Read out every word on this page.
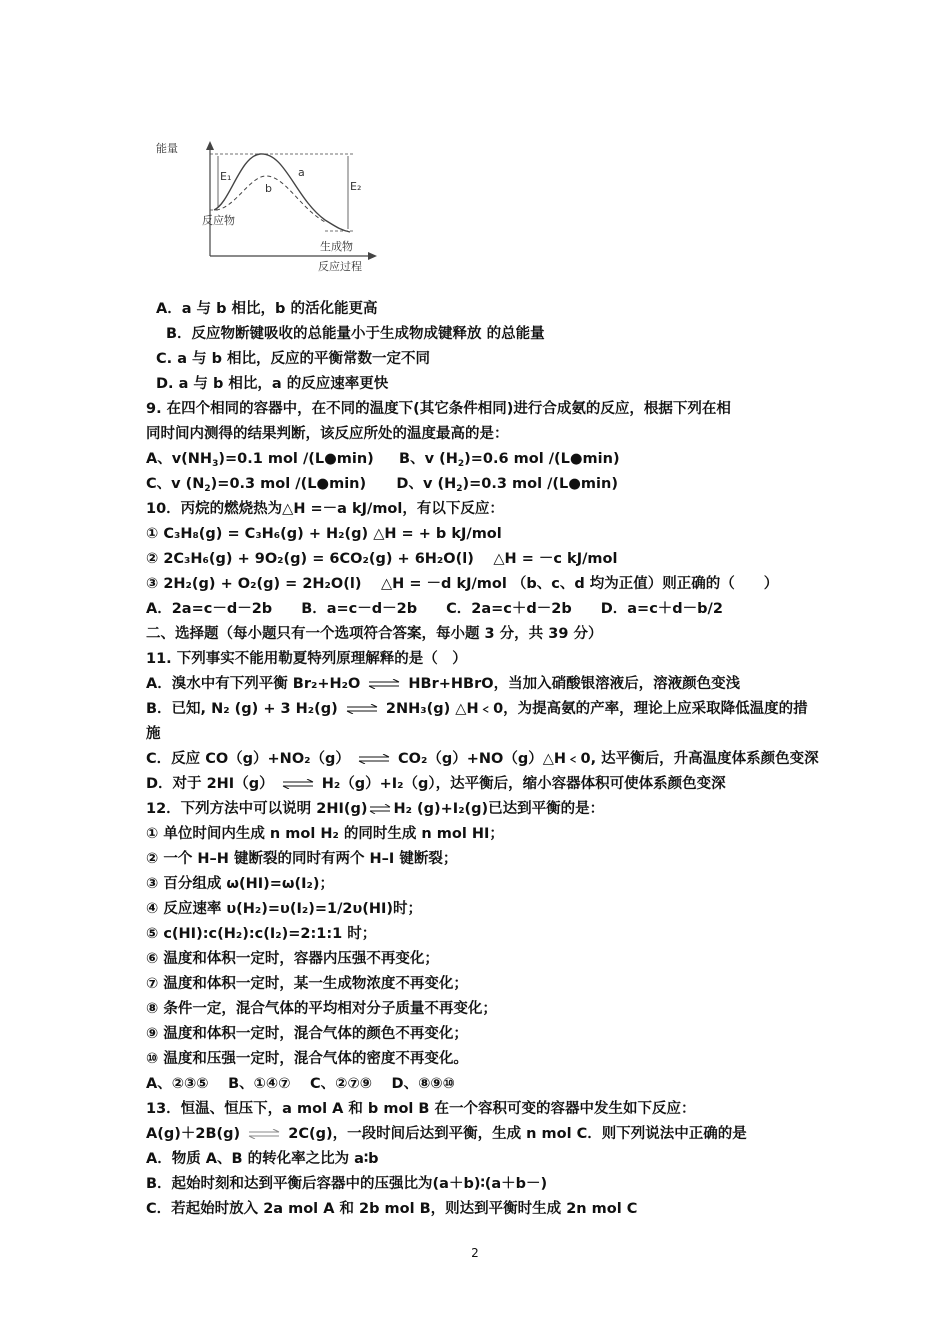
能量
E₁
E₂
a
b
反应物
生成物
反应过程
A．a 与 b 相比，b 的活化能更高
B．反应物断键吸收的总能量小于生成物成键释放 的总能量
C. a 与 b 相比，反应的平衡常数一定不同
D. a 与 b 相比，a 的反应速率更快
9. 在四个相同的容器中，在不同的温度下(其它条件相同)进行合成氨的反应，根据下列在相
同时间内测得的结果判断，该反应所处的温度最高的是：
A、$v(NH_3)=0.1$ mol /(L●min) B、v $(H_2)=0.6$ mol /(L●min)
C、v $(N_2)=0.3$ mol /(L●min) D、v $(H_2)=0.3$ mol /(L●min)
10．丙烷的燃烧热为△H =－a kJ/mol，有以下反应：
① C₃H₈(g) = C₃H₆(g) + H₂(g) △H = + b kJ/mol
② 2C₃H₆(g) + 9O₂(g) = 6CO₂(g) + 6H₂O(l)　 △H = －c kJ/mol
③ 2H₂(g) + O₂(g) = 2H₂O(l)　 △H = －d kJ/mol （b、c、d 均为正值）则正确的（　　）
A．2a=c－d－2b　　B．a=c－d－2b　　C．2a=c＋d－2b　　D．a=c＋d－b/2
二、选择题（每小题只有一个选项符合答案，每小题 3 分，共 39 分）
11. 下列事实不能用勒夏特列原理解释的是（　）
A．溴水中有下列平衡 Br₂+H₂O ⇌ HBr+HBrO，当加入硝酸银溶液后，溶液颜色变浅
B．已知, N₂ (g) + 3 H₂(g) ⇌ 2NH₃(g) △H﹤0，为提高氨的产率，理论上应采取降低温度的措
施
C．反应 CO（g）+NO₂（g） ⇌ CO₂（g）+NO（g）△H﹤0, 达平衡后，升高温度体系颜色变深
D．对于 2HI（g） ⇌ H₂（g）+I₂（g），达平衡后，缩小容器体积可使体系颜色变深
12．下列方法中可以说明 2HI(g) ⇌ H₂ (g)+I₂(g)已达到平衡的是：
① 单位时间内生成 n mol H₂ 的同时生成 n mol HI；
② 一个 H–H 键断裂的同时有两个 H–I 键断裂；
③ 百分组成 ω(HI)=ω(I₂)；
④ 反应速率 υ(H₂)=υ(I₂)=1/2υ(HI)时；
⑤ c(HI):c(H₂):c(I₂)=2:1:1 时；
⑥ 温度和体积一定时，容器内压强不再变化；
⑦ 温度和体积一定时，某一生成物浓度不再变化；
⑧ 条件一定，混合气体的平均相对分子质量不再变化；
⑨ 温度和体积一定时，混合气体的颜色不再变化；
⑩ 温度和压强一定时，混合气体的密度不再变化。
A、②③⑤　 B、①④⑦　 C、②⑦⑨　 D、⑧⑨⑩
13．恒温、恒压下，a mol A 和 b mol B 在一个容积可变的容器中发生如下反应：
A(g)＋2B(g) ⇌ 2C(g)，一段时间后达到平衡，生成 n mol C．则下列说法中正确的是
A．物质 A、B 的转化率之比为 a∶b
B．起始时刻和达到平衡后容器中的压强比为(a＋b)∶(a＋b－)
C．若起始时放入 2a mol A 和 2b mol B，则达到平衡时生成 2n mol C
2
